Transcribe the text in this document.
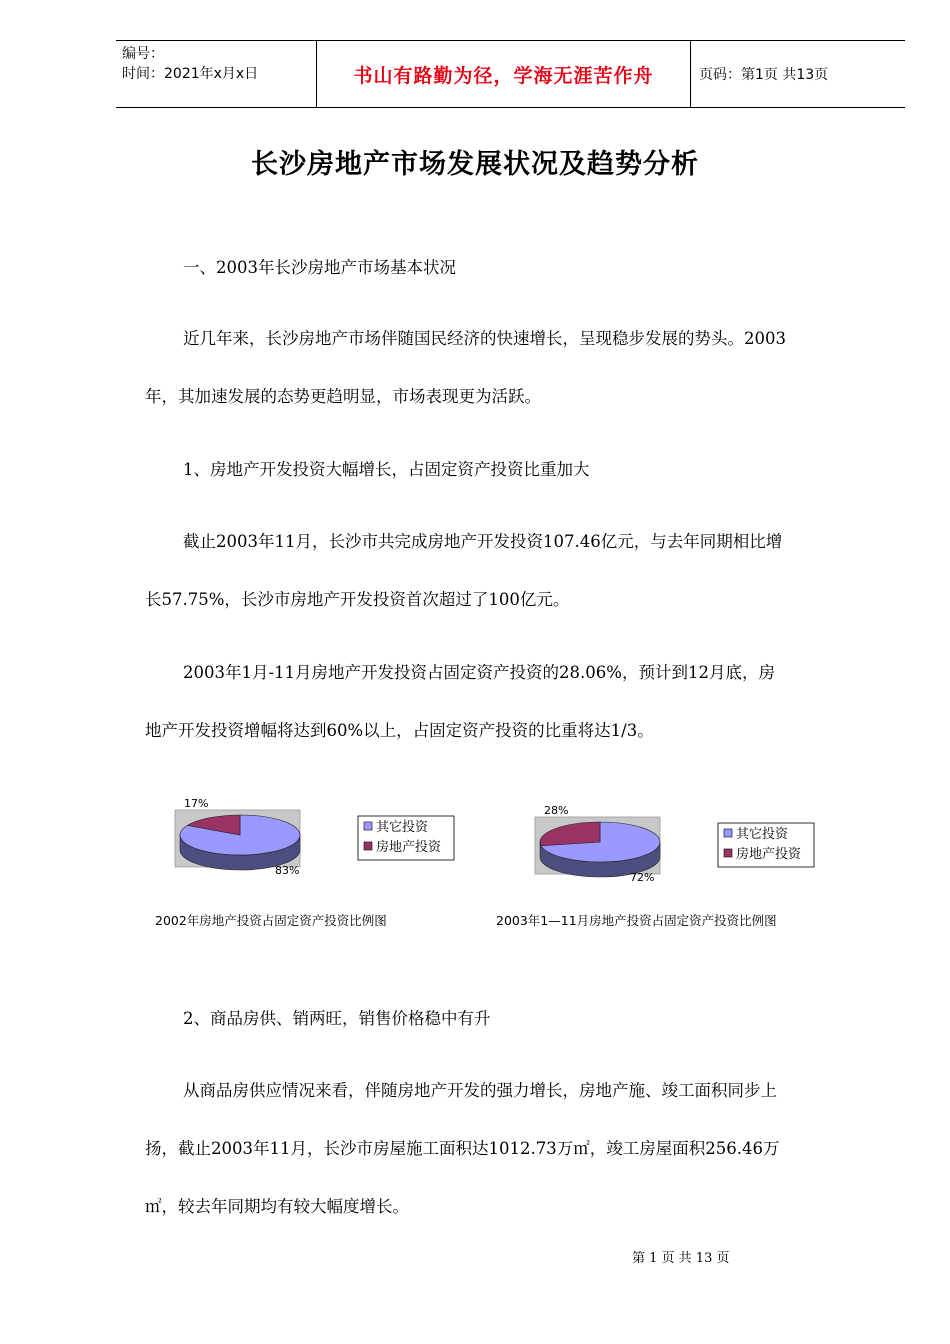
编号：
时间：2021年x月x日	书山有路勤为径，学海无涯苦作舟	页码：第1页 共13页
长沙房地产市场发展状况及趋势分析
一、2003年长沙房地产市场基本状况
近几年来，长沙房地产市场伴随国民经济的快速增长，呈现稳步发展的势头。2003
年，其加速发展的态势更趋明显，市场表现更为活跃。
1、房地产开发投资大幅增长，占固定资产投资比重加大
截止2003年11月，长沙市共完成房地产开发投资107.46亿元，与去年同期相比增
长57.75%，长沙市房地产开发投资首次超过了100亿元。
2003年1月-11月房地产开发投资占固定资产投资的28.06%，预计到12月底，房
地产开发投资增幅将达到60%以上，占固定资产投资的比重将达1/3。
17%
83%
其它投资
房地产投资
2002年房地产投资占固定资产投资比例图
28%
72%
其它投资
房地产投资
2003年1—11月房地产投资占固定资产投资比例图
2、商品房供、销两旺，销售价格稳中有升
从商品房供应情况来看，伴随房地产开发的强力增长，房地产施、竣工面积同步上
扬，截止2003年11月，长沙市房屋施工面积达1012.73万㎡，竣工房屋面积256.46万
㎡，较去年同期均有较大幅度增长。
第 1 页 共 13 页
